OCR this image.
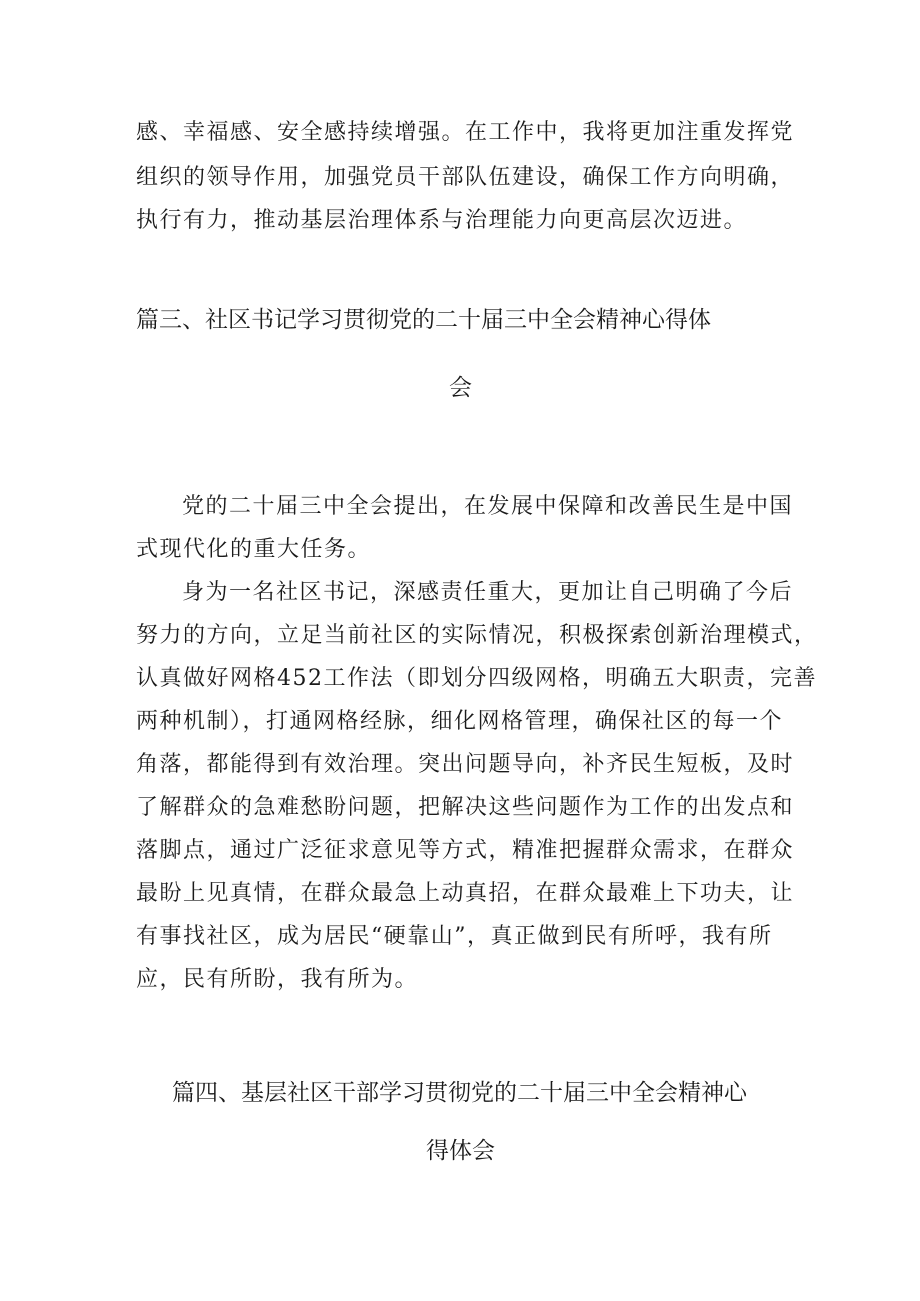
感、幸福感、安全感持续增强。在工作中，我将更加注重发挥党
组织的领导作用，加强党员干部队伍建设，确保工作方向明确，
执行有力，推动基层治理体系与治理能力向更高层次迈进。
篇三、社区书记学习贯彻党的二十届三中全会精神心得体
会
党的二十届三中全会提出，在发展中保障和改善民生是中国
式现代化的重大任务。
身为一名社区书记，深感责任重大，更加让自己明确了今后
努力的方向，立足当前社区的实际情况，积极探索创新治理模式，
认真做好网格452工作法（即划分四级网格，明确五大职责，完善
两种机制），打通网格经脉，细化网格管理，确保社区的每一个
角落，都能得到有效治理。突出问题导向，补齐民生短板，及时
了解群众的急难愁盼问题，把解决这些问题作为工作的出发点和
落脚点，通过广泛征求意见等方式，精准把握群众需求，在群众
最盼上见真情，在群众最急上动真招，在群众最难上下功夫，让
有事找社区，成为居民“硬靠山”，真正做到民有所呼，我有所
应，民有所盼，我有所为。
篇四、基层社区干部学习贯彻党的二十届三中全会精神心
得体会
